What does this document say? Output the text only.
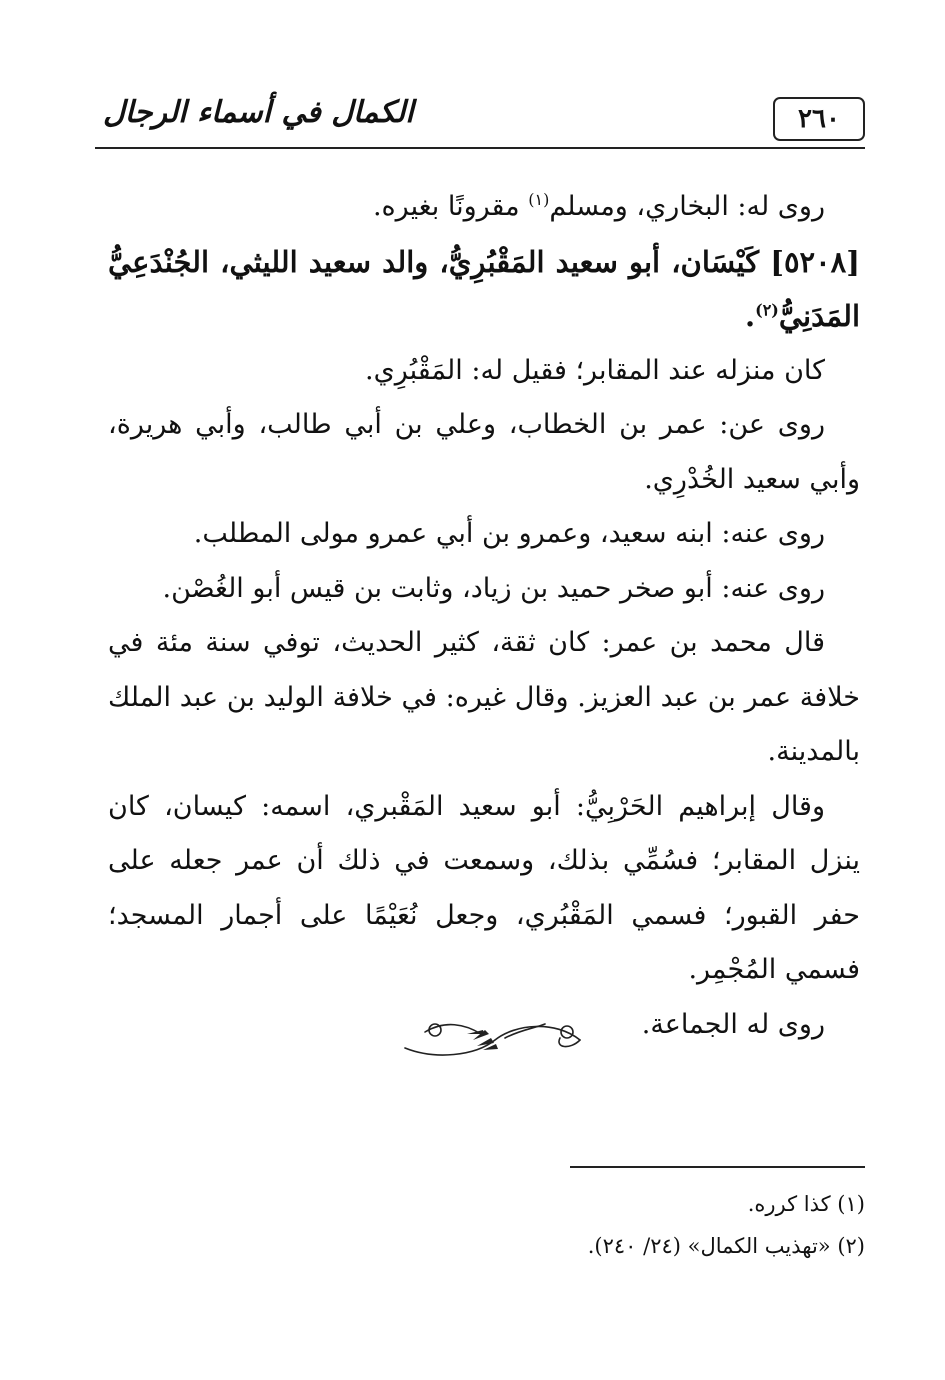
٢٦٠
الكمال في أسماء الرجال

روى له: البخاري، ومسلم$^{(١)}$ مقرونًا بغيره.

[٥٢٠٨] كَيْسَان، أبو سعيد المَقْبُرِيُّ، والد سعيد الليثي، الجُنْدَعِيُّ المَدَنِيُّ$^{(٢)}$.

كان منزله عند المقابر؛ فقيل له: المَقْبُرِي.

روى عن: عمر بن الخطاب، وعلي بن أبي طالب، وأبي هريرة، وأبي سعيد الخُدْرِي.

روى عنه: ابنه سعيد، وعمرو بن أبي عمرو مولى المطلب.

روى عنه: أبو صخر حميد بن زياد، وثابت بن قيس أبو الغُصْن.

قال محمد بن عمر: كان ثقة، كثير الحديث، توفي سنة مئة في خلافة عمر بن عبد العزيز. وقال غيره: في خلافة الوليد بن عبد الملك بالمدينة.

وقال إبراهيم الحَرْبِيُّ: أبو سعيد المَقْبري، اسمه: كيسان، كان ينزل المقابر؛ فسُمِّي بذلك، وسمعت في ذلك أن عمر جعله على حفر القبور؛ فسمي المَقْبُري، وجعل نُعَيْمًا على أجمار المسجد؛ فسمي المُجْمِر.

روى له الجماعة.

(١) كذا كرره.

(٢) «تهذيب الكمال» (٢٤/ ٢٤٠).
